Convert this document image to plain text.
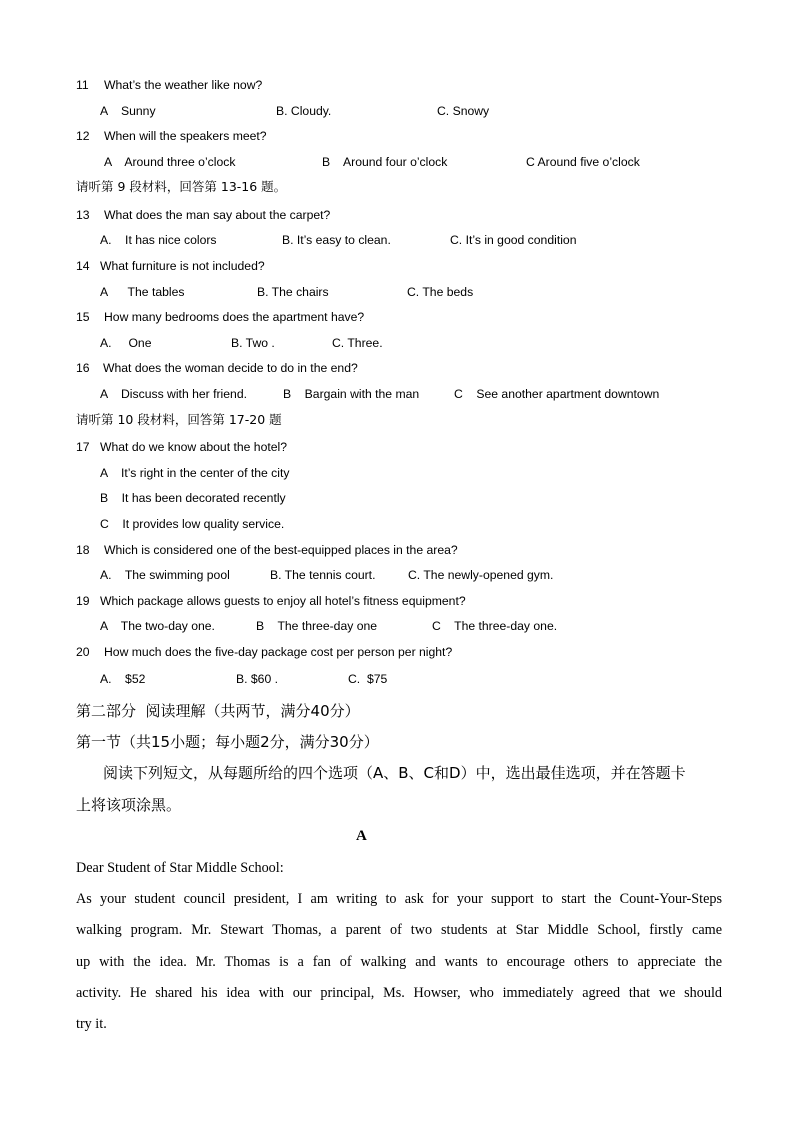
11 What’s the weather like now?
A    Sunny	B. Cloudy.	C. Snowy
12 When will the speakers meet?
A    Around three o’clock	B    Around four o’clock	C Around five o’clock
请听第 9 段材料，回答第 13-16 题。
13 What does the man say about the carpet?
A.    It has nice colors	B. It’s easy to clean.	C. It’s in good condition
14 What furniture is not included?
A      The tables	B. The chairs	C. The beds
15 How many bedrooms does the apartment have?
A.     One	B. Two .	C. Three.
16 What does the woman decide to do in the end?
A    Discuss with her friend.	B    Bargain with the man	C    See another apartment downtown
请听第 10 段材料，回答第 17-20 题
17 What do we know about the hotel?
A    It’s right in the center of the city
B    It has been decorated recently
C    It provides low quality service.
18 Which is considered one of the best-equipped places in the area?
A.    The swimming pool	B. The tennis court.	C. The newly-opened gym.
19 Which package allows guests to enjoy all hotel’s fitness equipment?
A    The two-day one.	B    The three-day one	C    The three-day one.
20 How much does the five-day package cost per person per night?
A.    $52	B. $60 .	C.  $75
第二部分  阅读理解（共两节，满分40分）
第一节（共15小题；每小题2分，满分30分）
阅读下列短文，从每题所给的四个选项（A、B、C和D）中，选出最佳选项，并在答题卡
上将该项涂黑。
A
Dear Student of Star Middle School:
As your student council president, I am writing to ask for your support to start the Count-Your-Steps
walking program. Mr. Stewart Thomas, a parent of two students at Star Middle School, firstly came
up with the idea. Mr. Thomas is a fan of walking and wants to encourage others to appreciate the
activity. He shared his idea with our principal, Ms. Howser, who immediately agreed that we should
try it.
